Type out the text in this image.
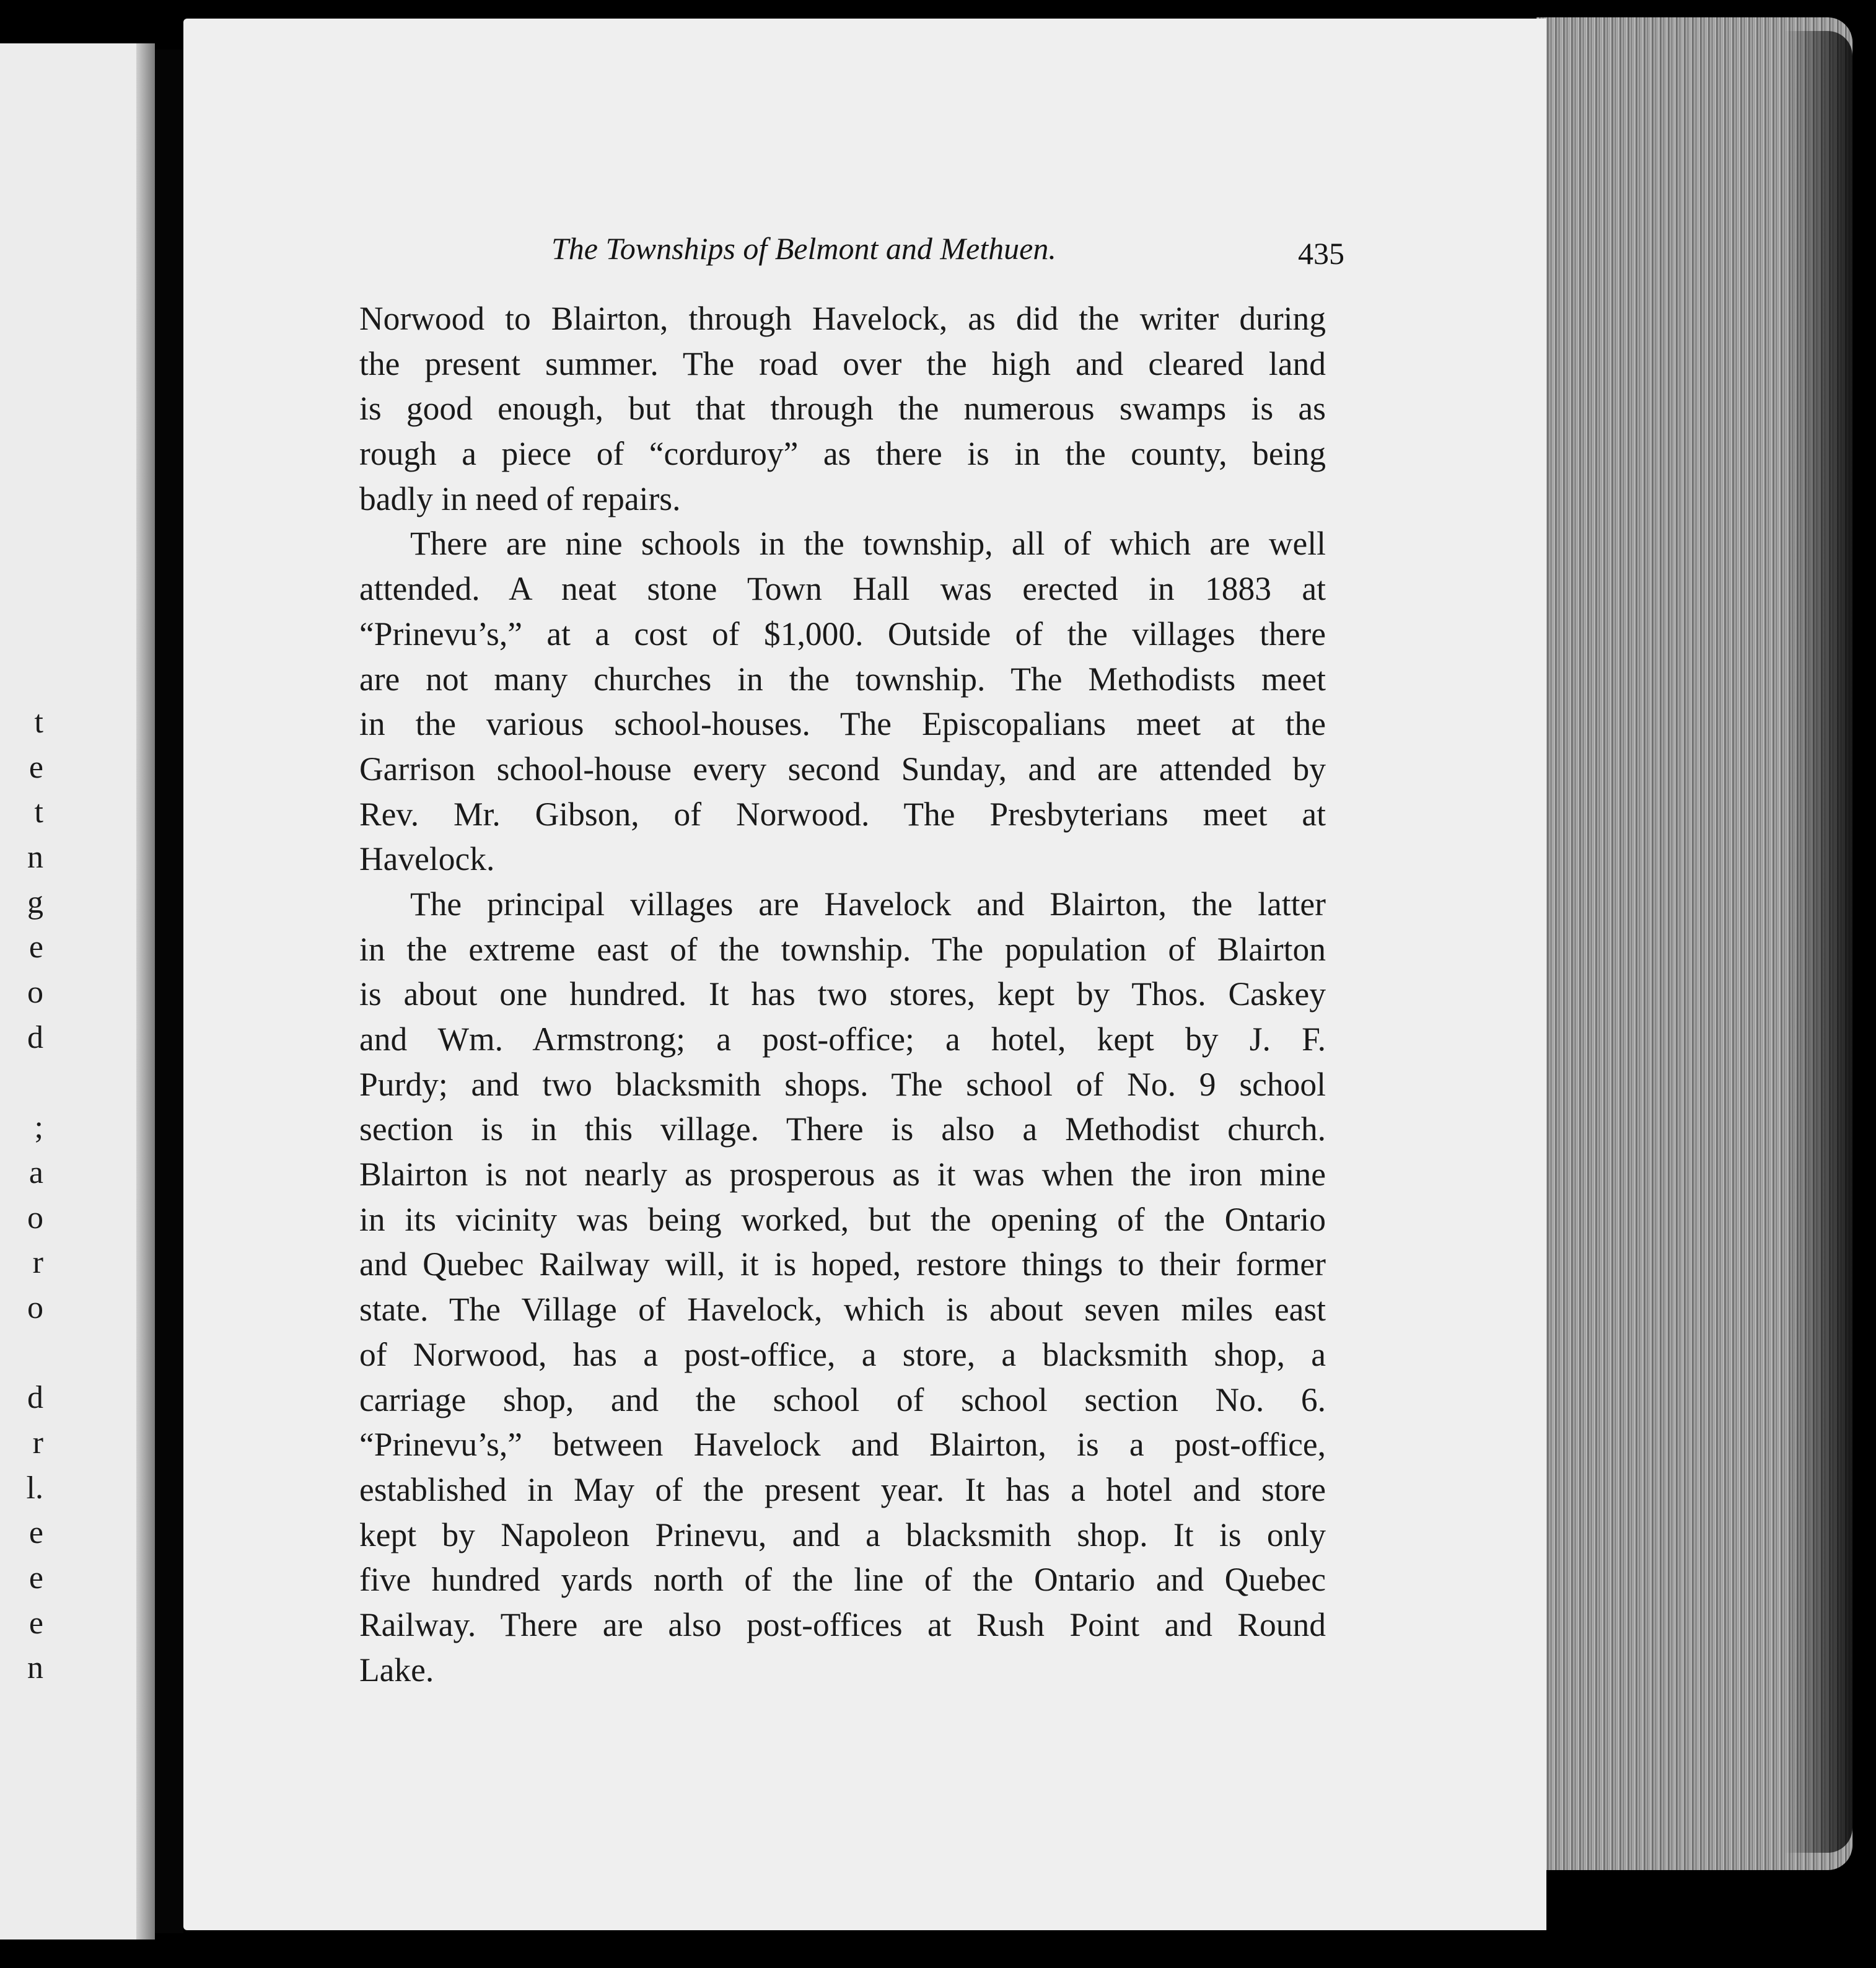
t
e
t
n
g
e
o
d
;
a
o
r
o
d
r
l.
e
e
e
n
The Townships of Belmont and Methuen.	435
Norwood to Blairton, through Havelock, as did the writer during
the present summer. The road over the high and cleared land
is good enough, but that through the numerous swamps is as
rough a piece of “corduroy” as there is in the county, being
badly in need of repairs.
There are nine schools in the township, all of which are well
attended. A neat stone Town Hall was erected in 1883 at
“Prinevu’s,” at a cost of $1,000. Outside of the villages there
are not many churches in the township. The Methodists meet
in the various school-houses. The Episcopalians meet at the
Garrison school-house every second Sunday, and are attended by
Rev. Mr. Gibson, of Norwood. The Presbyterians meet at
Havelock.
The principal villages are Havelock and Blairton, the latter
in the extreme east of the township. The population of Blairton
is about one hundred. It has two stores, kept by Thos. Caskey
and Wm. Armstrong; a post-office; a hotel, kept by J. F.
Purdy; and two blacksmith shops. The school of No. 9 school
section is in this village. There is also a Methodist church.
Blairton is not nearly as prosperous as it was when the iron mine
in its vicinity was being worked, but the opening of the Ontario
and Quebec Railway will, it is hoped, restore things to their former
state. The Village of Havelock, which is about seven miles east
of Norwood, has a post-office, a store, a blacksmith shop, a
carriage shop, and the school of school section No. 6.
“Prinevu’s,” between Havelock and Blairton, is a post-office,
established in May of the present year. It has a hotel and store
kept by Napoleon Prinevu, and a blacksmith shop. It is only
five hundred yards north of the line of the Ontario and Quebec
Railway. There are also post-offices at Rush Point and Round
Lake.
